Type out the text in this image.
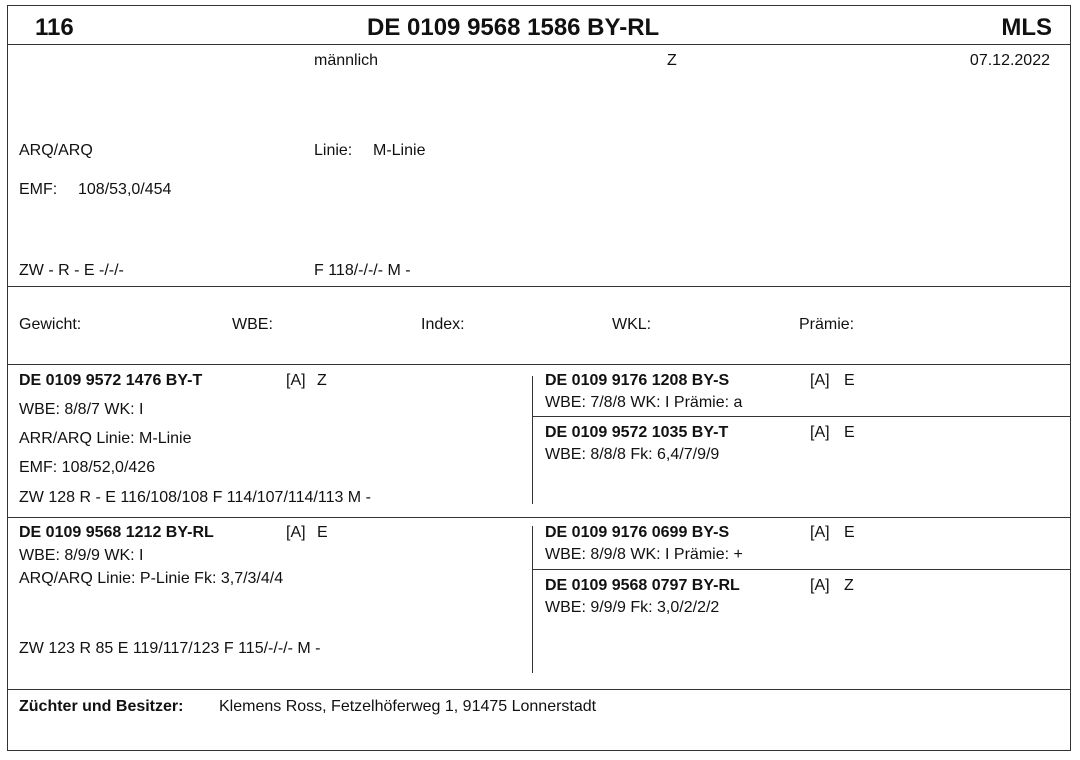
116	DE 0109 9568 1586 BY-RL	MLS
männlich	Z	07.12.2022
ARQ/ARQ	Linie: M-Linie
EMF: 108/53,0/454
ZW - R - E -/-/-	F 118/-/-/- M -
Gewicht:	WBE:	Index:	WKL:	Prämie:
DE 0109 9572 1476 BY-T	[A] Z
WBE: 8/8/7 WK: I
ARR/ARQ Linie: M-Linie
EMF: 108/52,0/426
ZW 128 R - E 116/108/108 F 114/107/114/113 M -
DE 0109 9176 1208 BY-S	[A] E
WBE: 7/8/8 WK: I Prämie: a
DE 0109 9572 1035 BY-T	[A] E
WBE: 8/8/8 Fk: 6,4/7/9/9
DE 0109 9568 1212 BY-RL	[A] E
WBE: 8/9/9 WK: I
ARQ/ARQ Linie: P-Linie Fk: 3,7/3/4/4
ZW 123 R 85 E 119/117/123 F 115/-/-/- M -
DE 0109 9176 0699 BY-S	[A] E
WBE: 8/9/8 WK: I Prämie: +
DE 0109 9568 0797 BY-RL	[A] Z
WBE: 9/9/9 Fk: 3,0/2/2/2
Züchter und Besitzer: Klemens Ross, Fetzelhöferweg 1, 91475 Lonnerstadt
